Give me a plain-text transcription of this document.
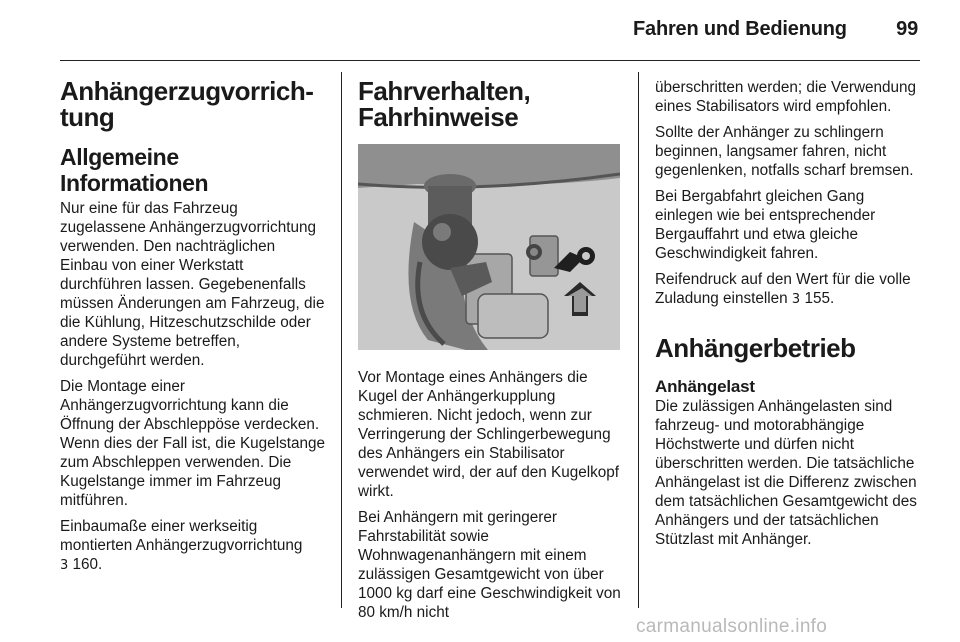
Fahren und Bedienung 99
Anhängerzugvorrich-
tung
Allgemeine Informationen

Nur eine für das Fahrzeug zugelassene Anhängerzugvorrichtung verwenden. Den nachträglichen Einbau von einer Werkstatt durchführen lassen. Gegebenenfalls müssen Änderungen am Fahrzeug, die die Kühlung, Hitzeschutzschilde oder andere Systeme betreffen, durchgeführt werden.

Die Montage einer Anhängerzugvorrichtung kann die Öffnung der Abschleppöse verdecken. Wenn dies der Fall ist, die Kugelstange zum Abschleppen verwenden. Die Kugelstange immer im Fahrzeug mitführen.

Einbaumaße einer werkseitig montierten Anhängerzugvorrichtung
3 160.

Fahrverhalten,
Fahrhinweise

Vor Montage eines Anhängers die Kugel der Anhängerkupplung schmieren. Nicht jedoch, wenn zur Verringerung der Schlingerbewegung des Anhängers ein Stabilisator verwendet wird, der auf den Kugelkopf wirkt.

Bei Anhängern mit geringerer Fahrstabilität sowie Wohnwagenanhängern mit einem zulässigen Gesamtgewicht von über 1000 kg darf eine Geschwindigkeit von 80 km/h nicht

überschritten werden; die Verwendung eines Stabilisators wird empfohlen.

Sollte der Anhänger zu schlingern beginnen, langsamer fahren, nicht gegenlenken, notfalls scharf bremsen.

Bei Bergabfahrt gleichen Gang einlegen wie bei entsprechender Bergauffahrt und etwa gleiche Geschwindigkeit fahren.

Reifendruck auf den Wert für die volle Zuladung einstellen 3 155.

Anhängerbetrieb
Anhängelast

Die zulässigen Anhängelasten sind fahrzeug- und motorabhängige Höchstwerte und dürfen nicht überschritten werden. Die tatsächliche Anhängelast ist die Differenz zwischen dem tatsächlichen Gesamtgewicht des Anhängers und der tatsächlichen Stützlast mit Anhänger.

carmanualsonline.info
